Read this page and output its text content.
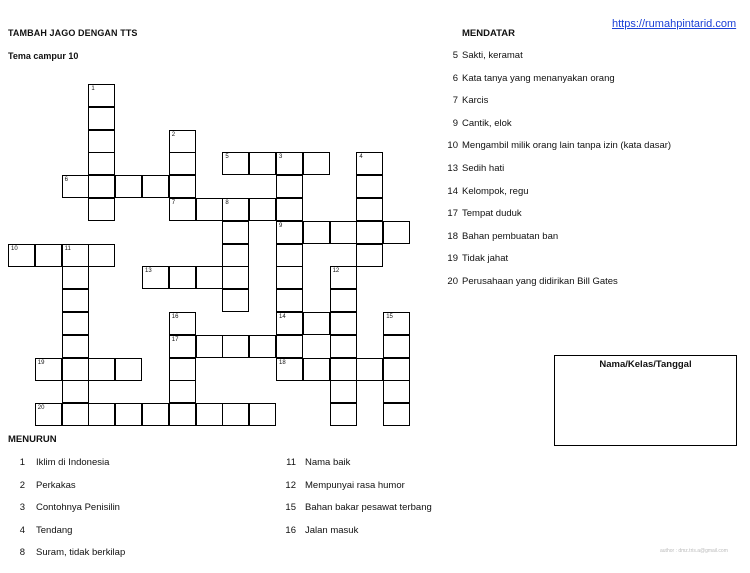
TAMBAH JAGO DENGAN TTS
Tema campur 10
https://rumahpintarid.com
MENDATAR
5 Sakti, keramat
6 Kata tanya yang menanyakan orang
7 Karcis
9 Cantik, elok
10 Mengambil milik orang lain tanpa izin (kata dasar)
13 Sedih hati
14 Kelompok, regu
17 Tempat duduk
18 Bahan pembuatan ban
19 Tidak jahat
20 Perusahaan yang didirikan Bill Gates
1
2
5	3	4
6
7	8
9
10	11
13	12
16	14	15
17
19	18
20
MENURUN
1 Iklim di Indonesia
2 Perkakas
3 Contohnya Penisilin
4 Tendang
8 Suram, tidak berkilap
11 Nama baik
12 Mempunyai rasa humor
15 Bahan bakar pesawat terbang
16 Jalan masuk
Nama/Kelas/Tanggal
author : dmz.tris.a@gmail.com
